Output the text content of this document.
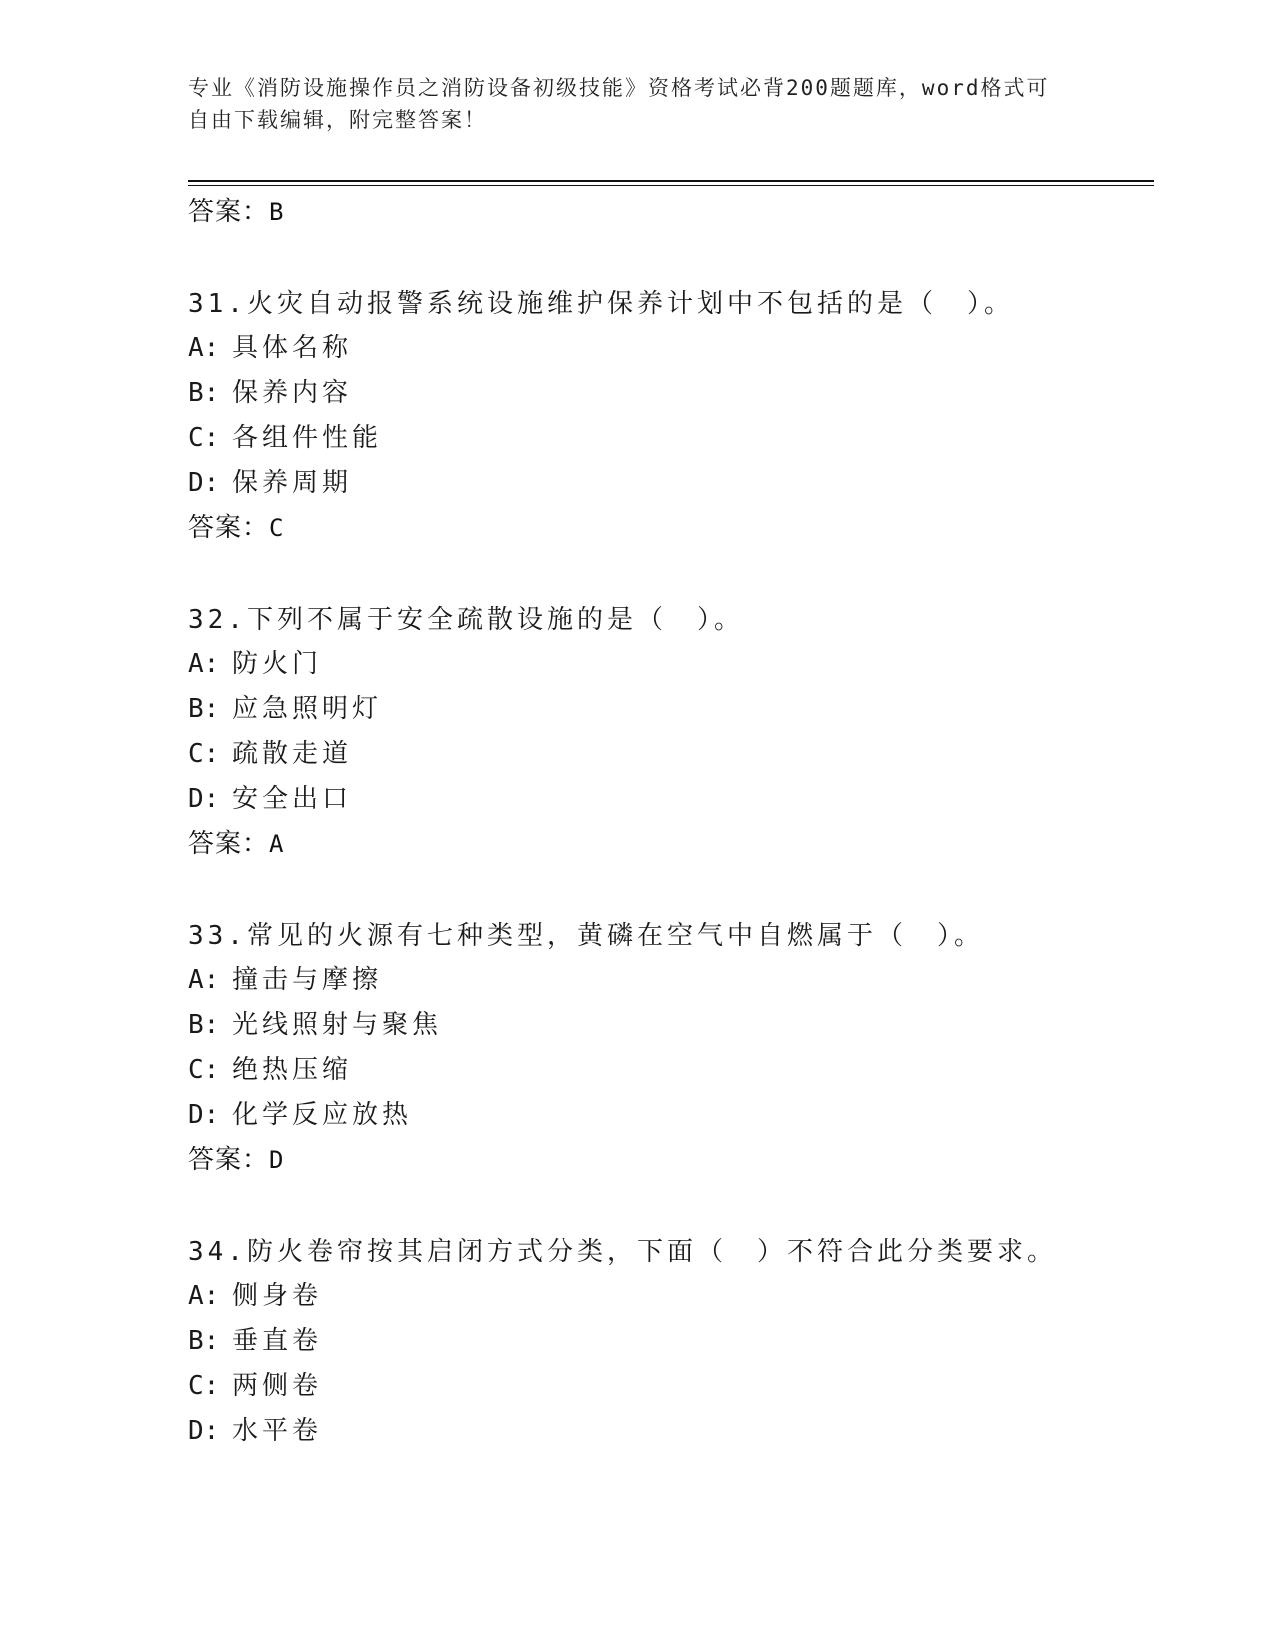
专业《消防设施操作员之消防设备初级技能》资格考试必背200题题库，word格式可自由下载编辑，附完整答案！
答案：B
31.火灾自动报警系统设施维护保养计划中不包括的是（　）。
A: 具体名称
B: 保养内容
C: 各组件性能
D: 保养周期
答案：C
32.下列不属于安全疏散设施的是（　）。
A: 防火门
B: 应急照明灯
C: 疏散走道
D: 安全出口
答案：A
33.常见的火源有七种类型，黄磷在空气中自燃属于（　）。
A: 撞击与摩擦
B: 光线照射与聚焦
C: 绝热压缩
D: 化学反应放热
答案：D
34.防火卷帘按其启闭方式分类，下面（　）不符合此分类要求。
A: 侧身卷
B: 垂直卷
C: 两侧卷
D: 水平卷
